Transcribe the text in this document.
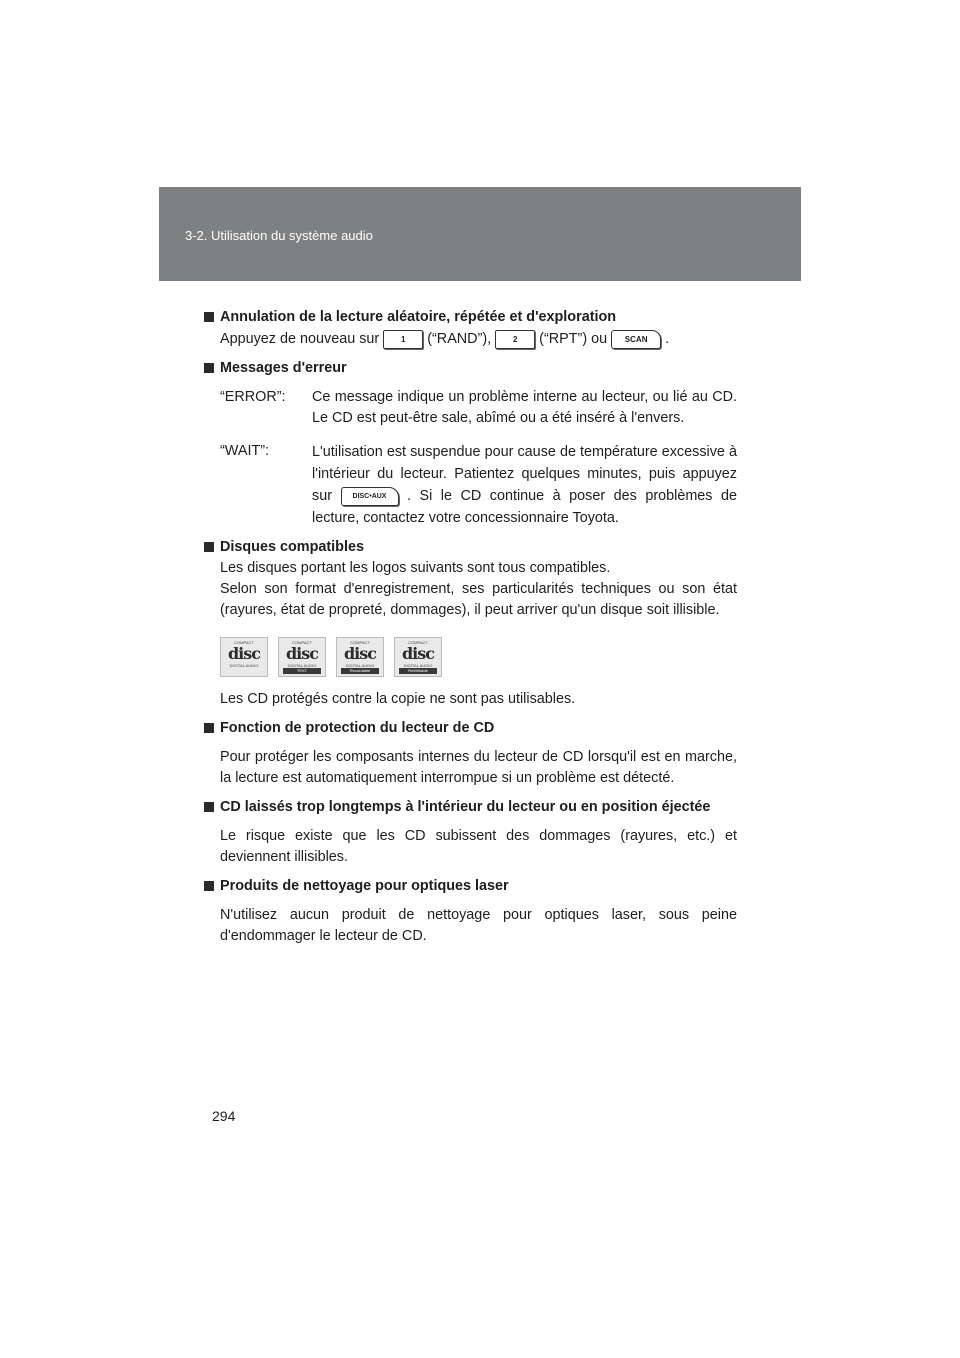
3-2. Utilisation du système audio

Annulation de la lecture aléatoire, répétée et d'exploration

Appuyez de nouveau sur	1 (“RAND”),	2 (“RPT”) ou SCAN .

Messages d'erreur

“ERROR”:	Ce message indique un problème interne au lecteur, ou lié au CD. Le CD est peut-être sale, abîmé ou a été inséré à l'envers.
“WAIT”:	L'utilisation est suspendue pour cause de température excessive à l'intérieur du lecteur. Patientez quelques minutes, puis appuyez sur	DISC•AUX . Si le CD continue à poser des problèmes de lecture, contactez votre concessionnaire Toyota.

Disques compatibles

Les disques portant les logos suivants sont tous compatibles.

Selon son format d'enregistrement, ses particularités techniques ou son état (rayures, état de propreté, dommages), il peut arriver qu'un disque soit illisible.

COMPACT
disc
DIGITAL AUDIO
COMPACT
disc
DIGITAL AUDIO
TEXT
COMPACT
disc
DIGITAL AUDIO
Recordable
COMPACT
disc
DIGITAL AUDIO
ReWritable

Les CD protégés contre la copie ne sont pas utilisables.

Fonction de protection du lecteur de CD

Pour protéger les composants internes du lecteur de CD lorsqu'il est en marche, la lecture est automatiquement interrompue si un problème est détecté.

CD laissés trop longtemps à l'intérieur du lecteur ou en position éjectée

Le risque existe que les CD subissent des dommages (rayures, etc.) et deviennent illisibles.

Produits de nettoyage pour optiques laser

N'utilisez aucun produit de nettoyage pour optiques laser, sous peine d'endommager le lecteur de CD.

294
